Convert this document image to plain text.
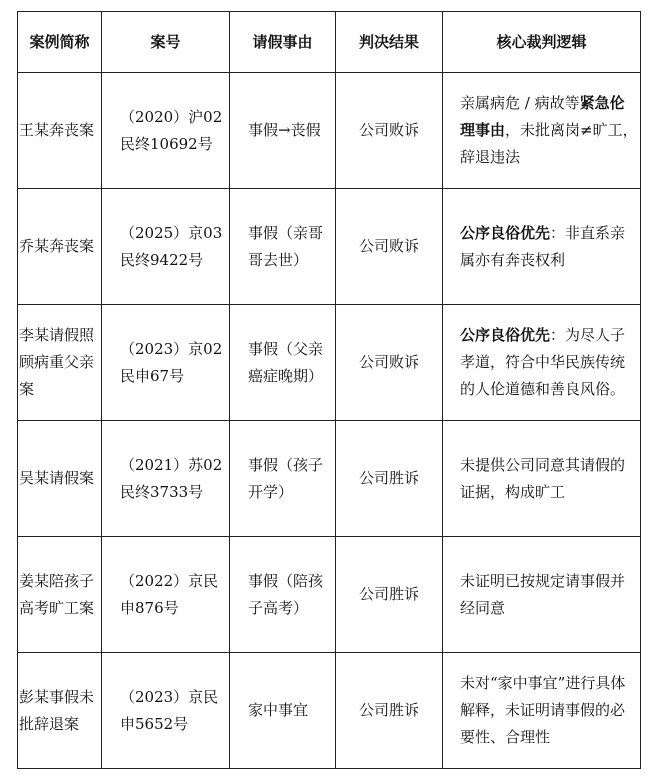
案例简称	案号	请假事由	判决结果	核心裁判逻辑
王某奔丧案	（2020）沪02民终10692号	事假→丧假	公司败诉	亲属病危 / 病故等紧急伦理事由，未批离岗≠旷工，辞退违法
乔某奔丧案	（2025）京03民终9422号	事假（亲哥哥去世）	公司败诉	公序良俗优先：非直系亲属亦有奔丧权利
李某请假照顾病重父亲案	（2023）京02民申67号	事假（父亲癌症晚期）	公司败诉	公序良俗优先：为尽人子孝道，符合中华民族传统的人伦道德和善良风俗。
吴某请假案	（2021）苏02民终3733号	事假（孩子开学）	公司胜诉	未提供公司同意其请假的证据，构成旷工
姜某陪孩子高考旷工案	（2022）京民申876号	事假（陪孩子高考）	公司胜诉	未证明已按规定请事假并经同意
彭某事假未批辞退案	（2023）京民申5652号	家中事宜	公司胜诉	未对“家中事宜”进行具体解释，未证明请事假的必要性、合理性
